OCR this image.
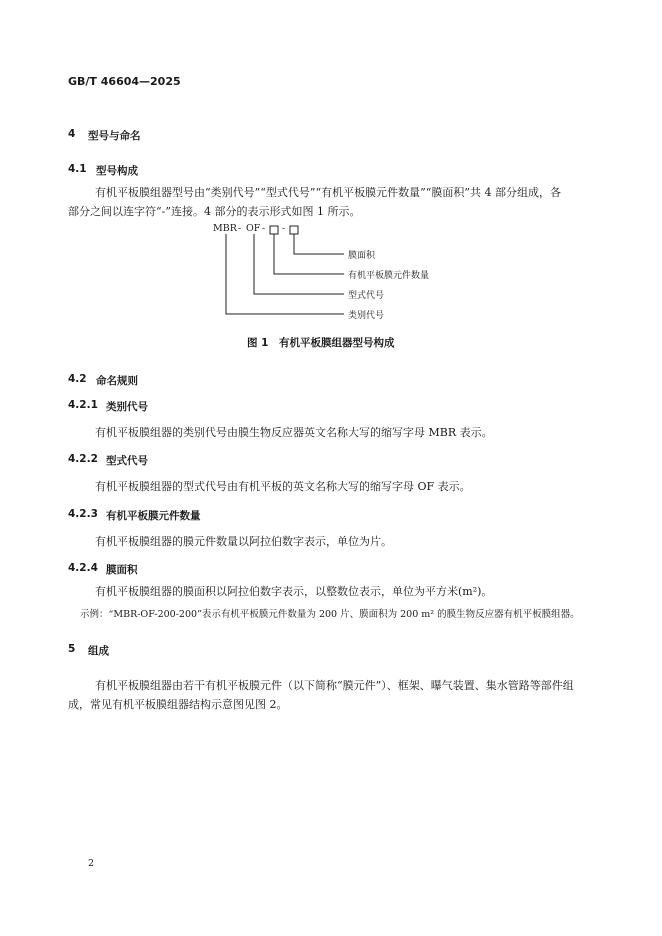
GB/T 46604—2025
4 型号与命名
4.1 型号构成
有机平板膜组器型号由“类别代号”“型式代号”“有机平板膜元件数量”“膜面积”共 4 部分组成，各
部分之间以连字符“-”连接。4 部分的表示形式如图 1 所示。
MBR - OF - -
膜面积
有机平板膜元件数量
型式代号
类别代号
图 1　有机平板膜组器型号构成
4.2 命名规则
4.2.1 类别代号
有机平板膜组器的类别代号由膜生物反应器英文名称大写的缩写字母 MBR 表示。
4.2.2 型式代号
有机平板膜组器的型式代号由有机平板的英文名称大写的缩写字母 OF 表示。
4.2.3 有机平板膜元件数量
有机平板膜组器的膜元件数量以阿拉伯数字表示，单位为片。
4.2.4 膜面积
有机平板膜组器的膜面积以阿拉伯数字表示，以整数位表示，单位为平方米(m²)。
示例：“MBR-OF-200-200”表示有机平板膜元件数量为 200 片、膜面积为 200 m² 的膜生物反应器有机平板膜组器。
5 组成
有机平板膜组器由若干有机平板膜元件（以下简称“膜元件”）、框架、曝气装置、集水管路等部件组
成，常见有机平板膜组器结构示意图见图 2。
2
